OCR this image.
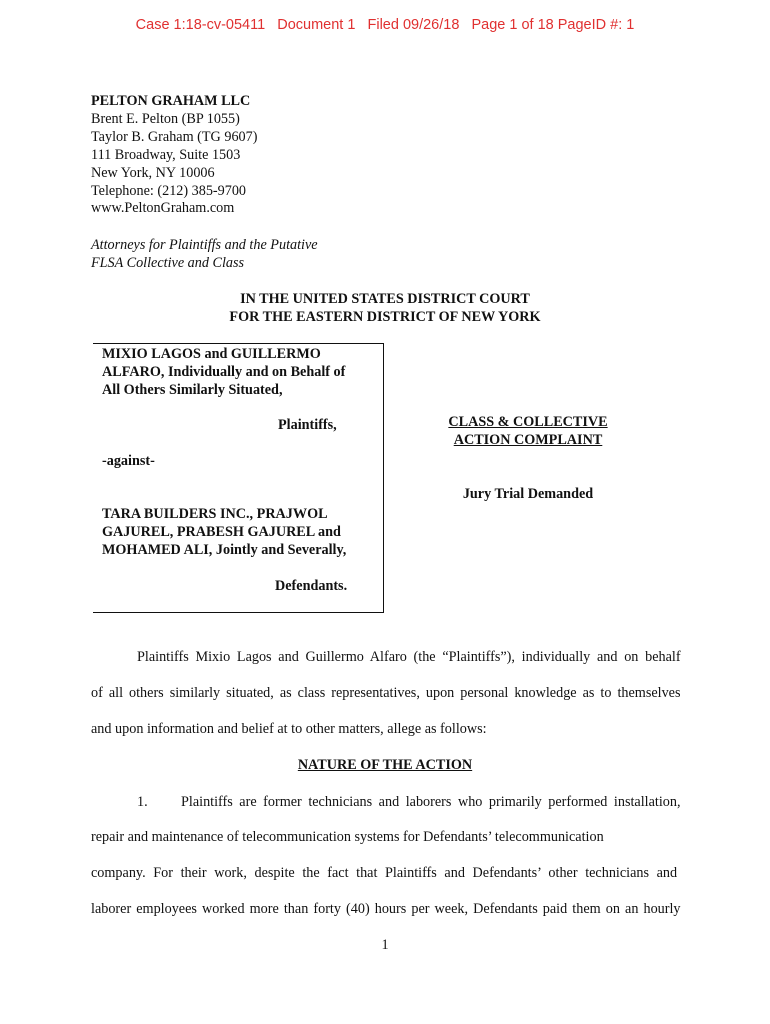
Case 1:18-cv-05411   Document 1   Filed 09/26/18   Page 1 of 18 PageID #: 1
PELTON GRAHAM LLC
Brent E. Pelton (BP 1055)
Taylor B. Graham (TG 9607)
111 Broadway, Suite 1503
New York, NY 10006
Telephone: (212) 385-9700
www.PeltonGraham.com
Attorneys for Plaintiffs and the Putative
FLSA Collective and Class
IN THE UNITED STATES DISTRICT COURT
FOR THE EASTERN DISTRICT OF NEW YORK
MIXIO LAGOS and GUILLERMO
ALFARO, Individually and on Behalf of
All Others Similarly Situated,
Plaintiffs,
-against-
TARA BUILDERS INC., PRAJWOL
GAJUREL, PRABESH GAJUREL and
MOHAMED ALI, Jointly and Severally,
Defendants.
CLASS & COLLECTIVE
ACTION COMPLAINT
Jury Trial Demanded
Plaintiffs Mixio Lagos and Guillermo Alfaro (the “Plaintiffs”), individually and on behalf
of all others similarly situated, as class representatives, upon personal knowledge as to themselves
and upon information and belief at to other matters, allege as follows:
NATURE OF THE ACTION
1. Plaintiffs are former technicians and laborers who primarily performed installation,
repair and maintenance of telecommunication systems for Defendants’ telecommunication
company. For their work, despite the fact that Plaintiffs and Defendants’ other technicians and
laborer employees worked more than forty (40) hours per week, Defendants paid them on an hourly
1
